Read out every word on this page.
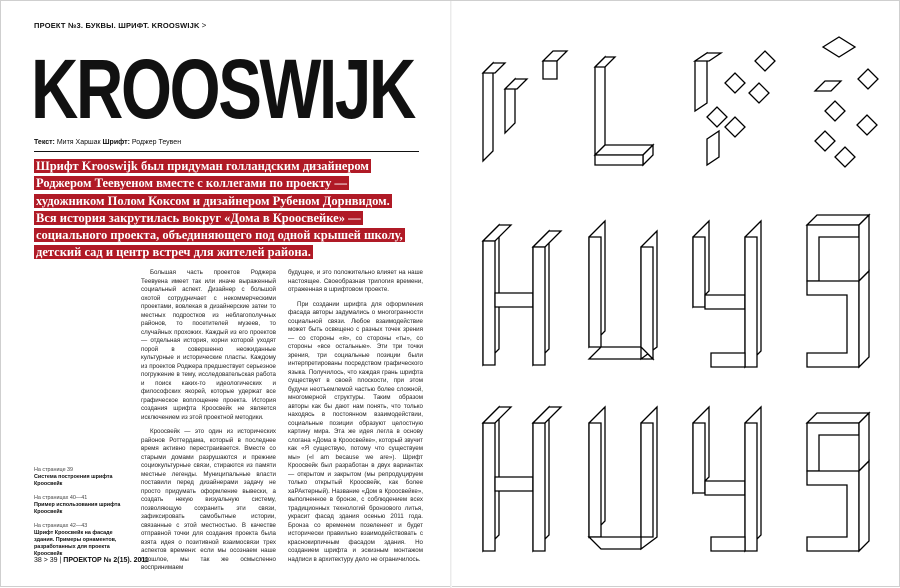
ПРОЕКТ №3. БУКВЫ. ШРИФТ. KROOSWIJK >
KROOSWIJK
Текст: Митя Харшак Шрифт: Роджер Теувен
Шрифт Krooswijk был придуман голландским дизайнером
Роджером Теевуеном вместе с коллегами по проекту —
художником Полом Коксом и дизайнером Рубеном Дорнвидом.
Вся история закрутилась вокруг «Дома в Кроосвейке» —
социального проекта, объединяющего под одной крышей школу,
детский сад и центр встреч для жителей района.

Большая часть проектов Роджера Теевуена имеет так или иначе выраженный социальный аспект. Дизайнер с большой охотой сотрудничает с некоммерческими проектами, вовлекая в дизайнерские затеи то местных подростков из неблагополучных районов, то посетителей музеев, то случайных прохожих. Каждый из его проектов — отдельная история, корни которой уходят порой в совершенно неожиданные культурные и исторические пласты. Каждому из проектов Роджера предшествует серьезное погружение в тему, исследовательская работа и поиск каких-то идеологических и философских якорей, которые удержат все графическое воплощение проекта. История создания шрифта Кроосвейк не является исключением из этой проектной методики.

Кроосвейк — это один из исторических районов Роттердама, который в последнее время активно перестраивается. Вместе со старыми домами разрушаются и прежние социокультурные связи, стираются из памяти местные легенды. Муниципальные власти поставили перед дизайнерами задачу не просто придумать оформление вывески, а создать некую визуальную систему, позволяющую сохранить эти связи, зафиксировать самобытные истории, связанные с этой местностью. В качестве отправной точки для создания проекта была взята идея о позитивной взаимосвязи трех аспектов времени: если мы осознаем наше прошлое, мы так же осмысленно воспринимаем

будущее, и это положительно влияет на наше настоящее. Своеобразная трилогия времени, отраженная в шрифтовом проекте.

При создании шрифта для оформления фасада авторы задумались о многогранности социальной связи. Любое взаимодействие может быть освещено с разных точек зрения — со стороны «я», со стороны «ты», со стороны «все остальные». Эти три точки зрения, три социальные позиции были интерпретированы посредством графического языка. Получилось, что каждая грань шрифта существует в своей плоскости, при этом будучи неотъемлемой частью более сложной, многомерной структуры. Таким образом авторы как бы дают нам понять, что только находясь в постоянном взаимодействии, социальные позиции образуют целостную картину мира. Эта же идея легла в основу слогана «Дома в Кроосвейке», который звучит как «Я существую, потому что существуем мы» («I am because we are»). Шрифт Кроосвейк был разработан в двух вариантах — открытом и закрытом (мы репродуцируем только открытый Кроосвейк, как более хаРАктерный). Название «Дом в Кроосвейке», выполненное в бронзе, с соблюдением всех традиционных технологий бронзового литья, украсит фасад здания осенью 2011 года. Бронза со временем позеленеет и будет исторически правильно взаимодействовать с краснокирпичным фасадом здания. Но созданием шрифта и эскизным монтажом надписи в архитектуру дело не ограничилось.

На странице 39
Система построения шрифта Кроосвейк
На страницах 40—41
Пример использования шрифта Кроосвейк
На страницах 42—43
Шрифт Кроосвейк на фасаде здания. Примеры орнаментов, разработанных для проекта Кроосвейк
38 > 39 | ПРОЕКТОР № 2(15). 2011
